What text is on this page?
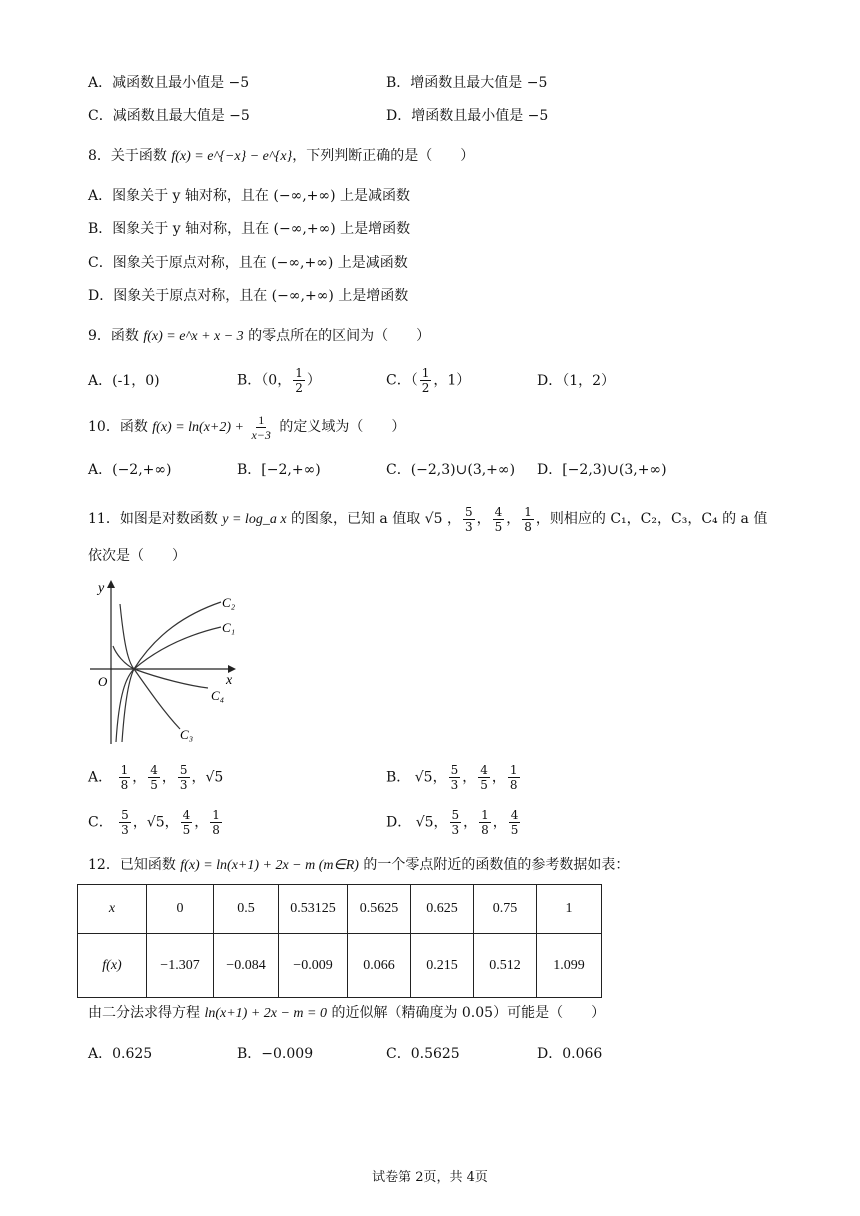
A．减函数且最小值是 −5	B．增函数且最大值是 −5
C．减函数且最大值是 −5	D．增函数且最小值是 −5
8．关于函数 f(x) = e^{−x} − e^{x}，下列判断正确的是（　　）
A．图象关于 y 轴对称，且在 (−∞,+∞) 上是减函数
B．图象关于 y 轴对称，且在 (−∞,+∞) 上是增函数
C．图象关于原点对称，且在 (−∞,+∞) 上是减函数
D．图象关于原点对称，且在 (−∞,+∞) 上是增函数
9．函数 f(x) = e^x + x − 3 的零点所在的区间为（　　）
A．(-1，0)	B．（0， $\frac{1}{2}$ ）	C．（ $\frac{1}{2}$ ，1）	D．（1，2）
10．函数 $f(x) = \ln(x+2) + \frac{1}{x-3}$ 的定义域为（　　）
A．(−2,+∞)	B．[−2,+∞)	C．(−2,3)∪(3,+∞) D．[−2,3)∪(3,+∞)
11．如图是对数函数 y = log_a x 的图象，已知 a 值取 √5 ， $\frac{5}{3}$ ， $\frac{4}{5}$ ， $\frac{1}{8}$ ，则相应的 C₁，C₂，C₃，C₄ 的 a 值
依次是（　　）
y
x
O
C₂
C₁
C₄
C₃
A． $\frac{1}{8}$ ， $\frac{4}{5}$ ， $\frac{5}{3}$ ，√5	B． √5， $\frac{5}{3}$ ， $\frac{4}{5}$ ， $\frac{1}{8}$
C． $\frac{5}{3}$ ，√5， $\frac{4}{5}$ ， $\frac{1}{8}$	D． √5， $\frac{5}{3}$ ， $\frac{1}{8}$ ， $\frac{4}{5}$
12．已知函数 f(x) = ln(x+1) + 2x − m (m∈R) 的一个零点附近的函数值的参考数据如表：
x	0	0.5	0.53125	0.5625	0.625	0.75	1
f(x)	−1.307	−0.084	−0.009	0.066	0.215	0.512	1.099
由二分法求得方程 ln(x+1) + 2x − m = 0 的近似解（精确度为 0.05）可能是（　　）
A．0.625	B．−0.009	C．0.5625	D．0.066
试卷第 2页，共 4页
